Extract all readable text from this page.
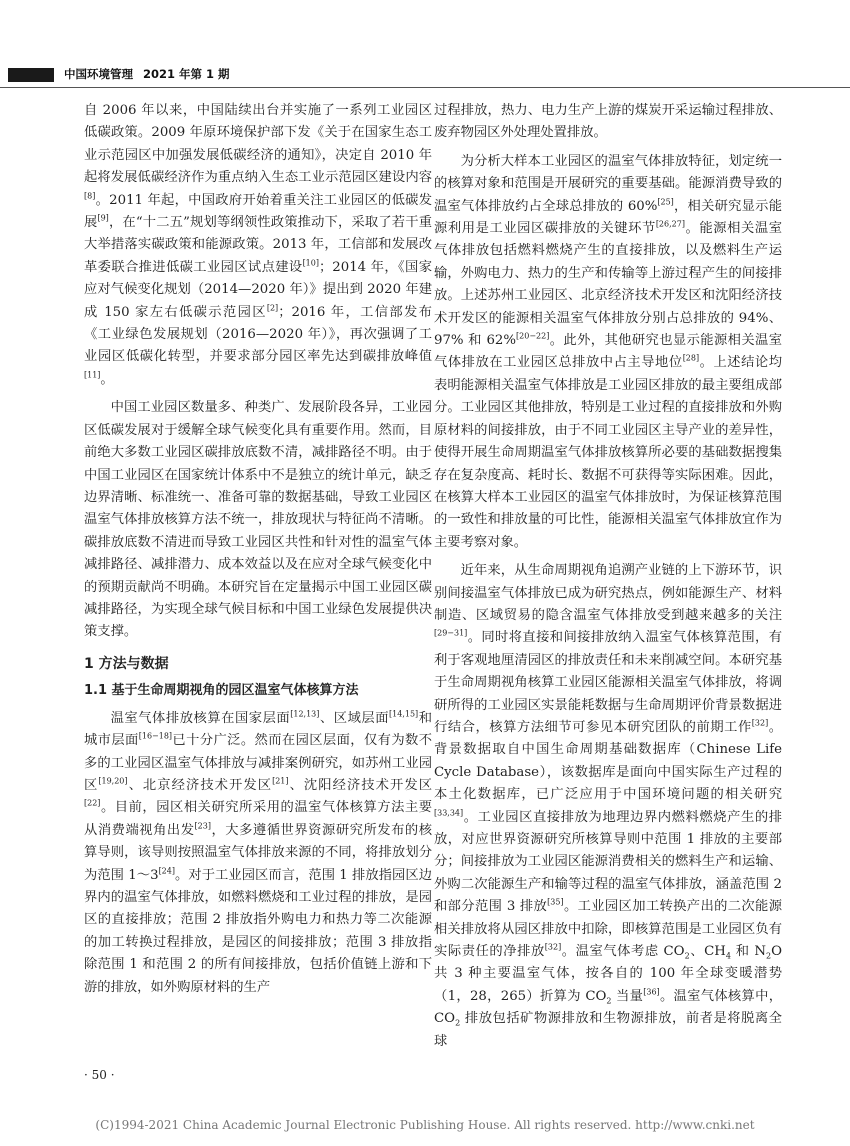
中国环境管理 2021 年第 1 期

自 2006 年以来，中国陆续出台并实施了一系列工业园区低碳政策。2009 年原环境保护部下发《关于在国家生态工业示范园区中加强发展低碳经济的通知》，决定自 2010 年起将发展低碳经济作为重点纳入生态工业示范园区建设内容[8]。2011 年起，中国政府开始着重关注工业园区的低碳发展[9]，在“十二五”规划等纲领性政策推动下，采取了若干重大举措落实碳政策和能源政策。2013 年，工信部和发展改革委联合推进低碳工业园区试点建设[10]；2014 年，《国家应对气候变化规划（2014—2020 年）》提出到 2020 年建成 150 家左右低碳示范园区[2]；2016 年，工信部发布《工业绿色发展规划（2016—2020 年）》，再次强调了工业园区低碳化转型，并要求部分园区率先达到碳排放峰值[11]。

中国工业园区数量多、种类广、发展阶段各异，工业园区低碳发展对于缓解全球气候变化具有重要作用。然而，目前绝大多数工业园区碳排放底数不清，减排路径不明。由于中国工业园区在国家统计体系中不是独立的统计单元，缺乏边界清晰、标准统一、准备可靠的数据基础，导致工业园区温室气体排放核算方法不统一，排放现状与特征尚不清晰。碳排放底数不清进而导致工业园区共性和针对性的温室气体减排路径、减排潜力、成本效益以及在应对全球气候变化中的预期贡献尚不明确。本研究旨在定量揭示中国工业园区碳减排路径，为实现全球气候目标和中国工业绿色发展提供决策支撑。

1 方法与数据
1.1 基于生命周期视角的园区温室气体核算方法

温室气体排放核算在国家层面[12,13]、区域层面[14,15]和城市层面[16−18]已十分广泛。然而在园区层面，仅有为数不多的工业园区温室气体排放与减排案例研究，如苏州工业园区[19,20]、北京经济技术开发区[21]、沈阳经济技术开发区[22]。目前，园区相关研究所采用的温室气体核算方法主要从消费端视角出发[23]，大多遵循世界资源研究所发布的核算导则，该导则按照温室气体排放来源的不同，将排放划分为范围 1～3[24]。对于工业园区而言，范围 1 排放指园区边界内的温室气体排放，如燃料燃烧和工业过程的排放，是园区的直接排放；范围 2 排放指外购电力和热力等二次能源的加工转换过程排放，是园区的间接排放；范围 3 排放指除范围 1 和范围 2 的所有间接排放，包括价值链上游和下游的排放，如外购原材料的生产

过程排放，热力、电力生产上游的煤炭开采运输过程排放、废弃物园区外处理处置排放。

为分析大样本工业园区的温室气体排放特征，划定统一的核算对象和范围是开展研究的重要基础。能源消费导致的温室气体排放约占全球总排放的 60%[25]，相关研究显示能源利用是工业园区碳排放的关键环节[26,27]。能源相关温室气体排放包括燃料燃烧产生的直接排放，以及燃料生产运输，外购电力、热力的生产和传输等上游过程产生的间接排放。上述苏州工业园区、北京经济技术开发区和沈阳经济技术开发区的能源相关温室气体排放分别占总排放的 94%、97% 和 62%[20−22]。此外，其他研究也显示能源相关温室气体排放在工业园区总排放中占主导地位[28]。上述结论均表明能源相关温室气体排放是工业园区排放的最主要组成部分。工业园区其他排放，特别是工业过程的直接排放和外购原材料的间接排放，由于不同工业园区主导产业的差异性，使得开展生命周期温室气体排放核算所必要的基础数据搜集存在复杂度高、耗时长、数据不可获得等实际困难。因此，在核算大样本工业园区的温室气体排放时，为保证核算范围的一致性和排放量的可比性，能源相关温室气体排放宜作为主要考察对象。

近年来，从生命周期视角追溯产业链的上下游环节，识别间接温室气体排放已成为研究热点，例如能源生产、材料制造、区域贸易的隐含温室气体排放受到越来越多的关注[29−31]。同时将直接和间接排放纳入温室气体核算范围，有利于客观地厘清园区的排放责任和未来削减空间。本研究基于生命周期视角核算工业园区能源相关温室气体排放，将调研所得的工业园区实景能耗数据与生命周期评价背景数据进行结合，核算方法细节可参见本研究团队的前期工作[32]。背景数据取自中国生命周期基础数据库（Chinese Life Cycle Database），该数据库是面向中国实际生产过程的本土化数据库，已广泛应用于中国环境问题的相关研究[33,34]。工业园区直接排放为地理边界内燃料燃烧产生的排放，对应世界资源研究所核算导则中范围 1 排放的主要部分；间接排放为工业园区能源消费相关的燃料生产和运输、外购二次能源生产和输等过程的温室气体排放，涵盖范围 2 和部分范围 3 排放[35]。工业园区加工转换产出的二次能源相关排放将从园区排放中扣除，即核算范围是工业园区负有实际责任的净排放[32]。温室气体考虑 $CO_2$、$CH_4$ 和 $N_2O$ 共 3 种主要温室气体，按各自的 100 年全球变暖潜势（1，28，265）折算为 $CO_2$ 当量[36]。温室气体核算中，$CO_2$ 排放包括矿物源排放和生物源排放，前者是将脱离全球

· 50 ·
(C)1994-2021 China Academic Journal Electronic Publishing House. All rights reserved. http://www.cnki.net
